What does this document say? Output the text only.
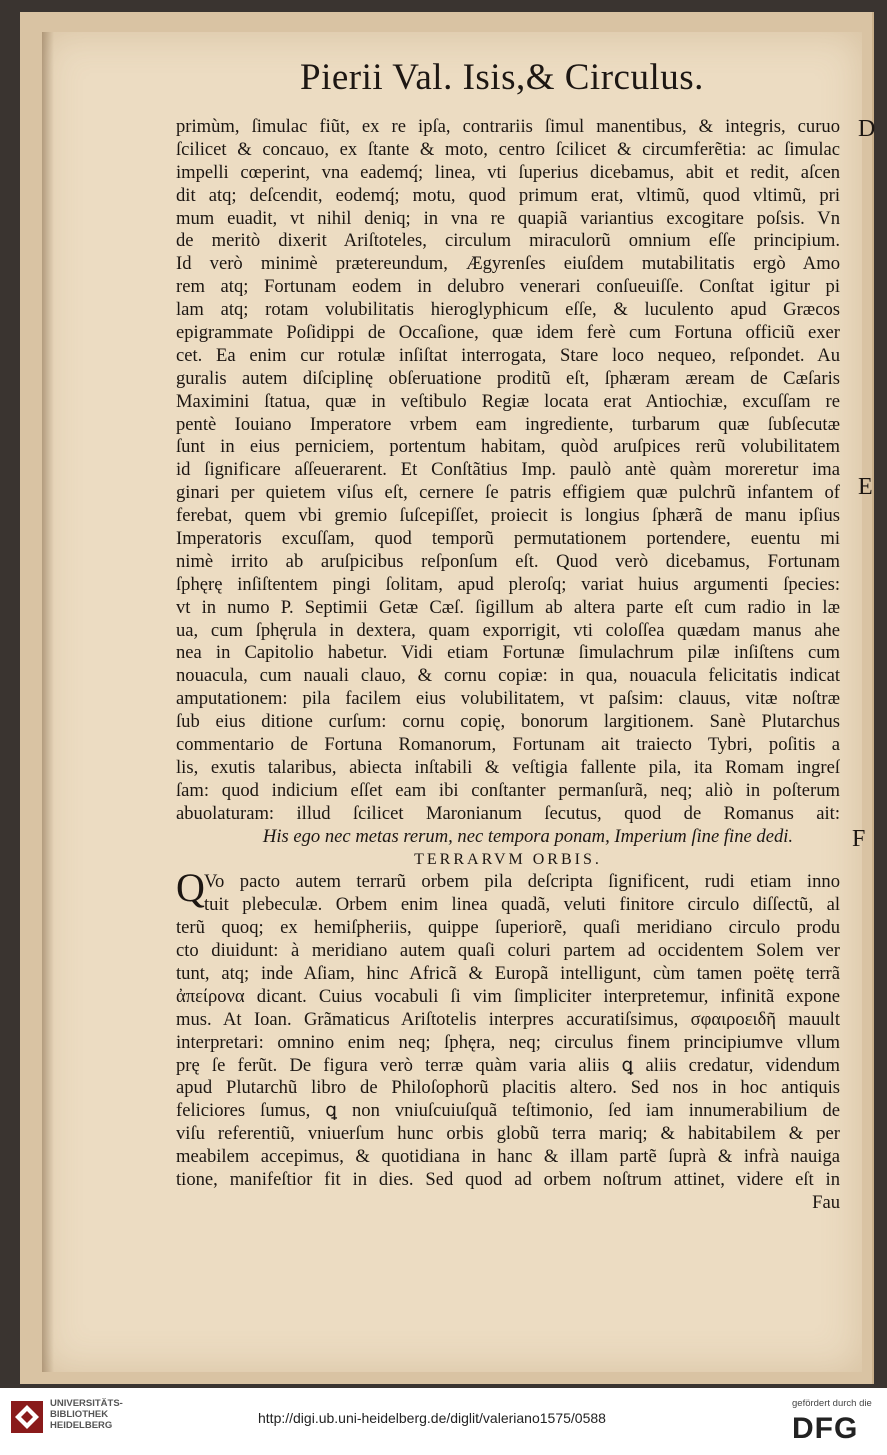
Pierii Val. Isis,& Circulus.
D
E
F
primùm, ſimulac fiũt, ex re ipſa, contrariis ſimul manentibus, & integris, curuo
ſcilicet & concauo, ex ſtante & moto, centro ſcilicet & circumferẽtia: ac ſimulac
impelli cœperint, vna eademq́; linea, vti ſuperius dicebamus, abit et redit, aſcen
dit atq; deſcendit, eodemq́; motu, quod primum erat, vltimũ, quod vltimũ, pri
mum euadit, vt nihil deniq; in vna re quapiã variantius excogitare poſsis. Vn
de meritò dixerit Ariſtoteles, circulum miraculorũ omnium eſſe principium.
Id verò minimè prætereundum, Ægyrenſes eiuſdem mutabilitatis ergò Amo
rem atq; Fortunam eodem in delubro venerari conſueuiſſe. Conſtat igitur pi
lam atq; rotam volubilitatis hieroglyphicum eſſe, & luculento apud Græcos
epigrammate Poſidippi de Occaſione, quæ idem ferè cum Fortuna officiũ exer
cet. Ea enim cur rotulæ inſiſtat interrogata, Stare loco nequeo, reſpondet. Au
guralis autem diſciplinę obſeruatione proditũ eſt, ſphæram æream de Cæſaris
Maximini ſtatua, quæ in veſtibulo Regiæ locata erat Antiochiæ, excuſſam re
pentè Iouiano Imperatore vrbem eam ingrediente, turbarum quæ ſubſecutæ
ſunt in eius perniciem, portentum habitam, quòd aruſpices rerũ volubilitatem
id ſignificare aſſeuerarent. Et Conſtãtius Imp. paulò antè quàm moreretur ima
ginari per quietem viſus eſt, cernere ſe patris effigiem quæ pulchrũ infantem of
ferebat, quem vbi gremio ſuſcepiſſet, proiecit is longius ſphærã de manu ipſius
Imperatoris excuſſam, quod temporũ permutationem portendere, euentu mi
nimè irrito ab aruſpicibus reſponſum eſt. Quod verò dicebamus, Fortunam
ſphęrę inſiſtentem pingi ſolitam, apud pleroſq; variat huius argumenti ſpecies:
vt in numo P. Septimii Getæ Cæſ. ſigillum ab altera parte eſt cum radio in læ
ua, cum ſphęrula in dextera, quam exporrigit, vti coloſſea quædam manus ahe
nea in Capitolio habetur. Vidi etiam Fortunæ ſimulachrum pilæ inſiſtens cum
nouacula, cum nauali clauo, & cornu copiæ: in qua, nouacula felicitatis indicat
amputationem: pila facilem eius volubilitatem, vt paſsim: clauus, vitæ noſtræ
ſub eius ditione curſum: cornu copię, bonorum largitionem. Sanè Plutarchus
commentario de Fortuna Romanorum, Fortunam ait traiecto Tybri, poſitis a
lis, exutis talaribus, abiecta inſtabili & veſtigia fallente pila, ita Romam ingreſ
ſam: quod indicium eſſet eam ibi conſtanter permanſurã, neq; aliò in poſterum
abuolaturam: illud ſcilicet Maronianum ſecutus, quod de Romanus ait:
His ego nec metas rerum, nec tempora ponam, Imperium ſine fine dedi.
TERRARVM ORBIS.
Vo pacto autem terrarũ orbem pila deſcripta ſignificent, rudi etiam inno
tuit plebeculæ. Orbem enim linea quadã, veluti finitore circulo diſſectũ, al
terũ quoq; ex hemiſpheriis, quippe ſuperiorẽ, quaſi meridiano circulo produ
cto diuidunt: à meridiano autem quaſi coluri partem ad occidentem Solem ver
tunt, atq; inde Aſiam, hinc Africã & Europã intelligunt, cùm tamen poëtę terrã
ἀπείρονα dicant. Cuius vocabuli ſi vim ſimpliciter interpretemur, infinitã expone
mus. At Ioan. Grãmaticus Ariſtotelis interpres accuratiſsimus, σφαιροειδῆ mauult
interpretari: omnino enim neq; ſphęra, neq; circulus finem principiumve vllum
prę ſe ferũt. De figura verò terræ quàm varia aliis ꝗ aliis credatur, videndum
apud Plutarchũ libro de Philoſophorũ placitis altero. Sed nos in hoc antiquis
feliciores ſumus, ꝗ non vniuſcuiuſquã teſtimonio, ſed iam innumerabilium de
viſu referentiũ, vniuerſum hunc orbis globũ terra mariq; & habitabilem & per
meabilem accepimus, & quotidiana in hanc & illam partẽ ſuprà & infrà nauiga
tione, manifeſtior fit in dies. Sed quod ad orbem noſtrum attinet, videre eſt in
Fau
Q
UNIVERSITÄTS-
BIBLIOTHEK
HEIDELBERG	http://digi.ub.uni-heidelberg.de/diglit/valeriano1575/0588
gefördert durch die
DFG
